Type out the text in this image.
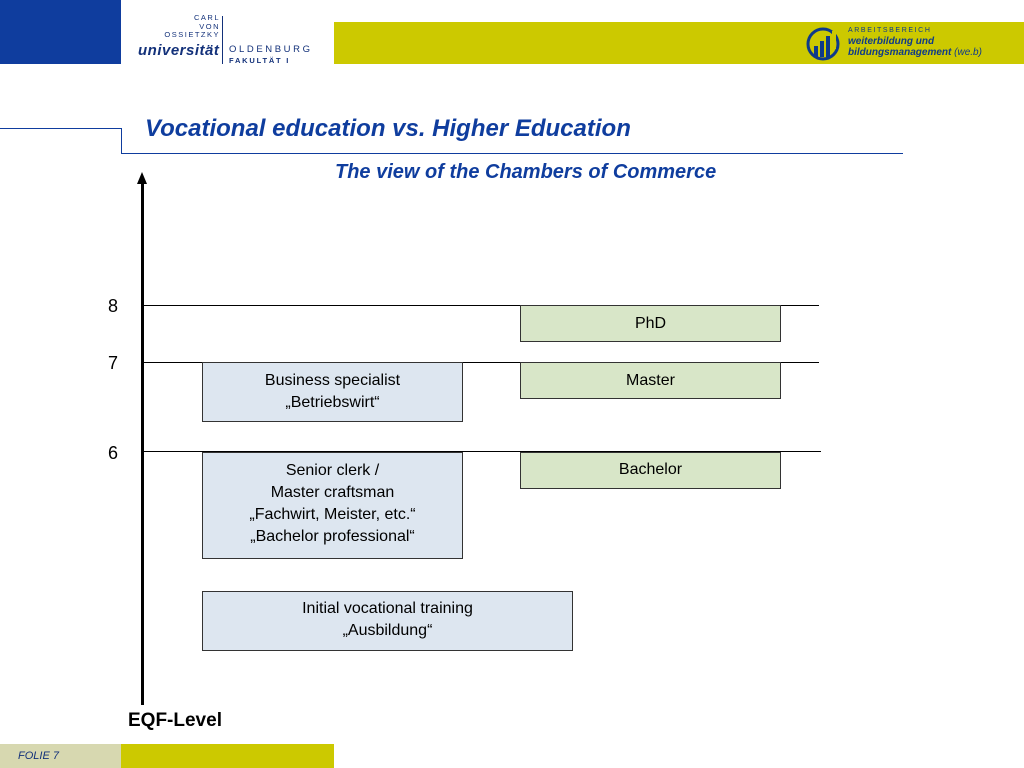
CARL
VON
OSSIETZKY
universität OLDENBURG
FAKULTÄT I
ARBEITSBEREICH
weiterbildung und
bildungsmanagement (we.b)
Vocational education vs. Higher Education
The view of the Chambers of Commerce
8
7
6
Business specialist
„Betriebswirt“
Senior clerk /
Master craftsman
„Fachwirt, Meister, etc.“
„Bachelor professional“
Initial vocational training
„Ausbildung“
PhD
Master
Bachelor
EQF-Level
FOLIE 7
